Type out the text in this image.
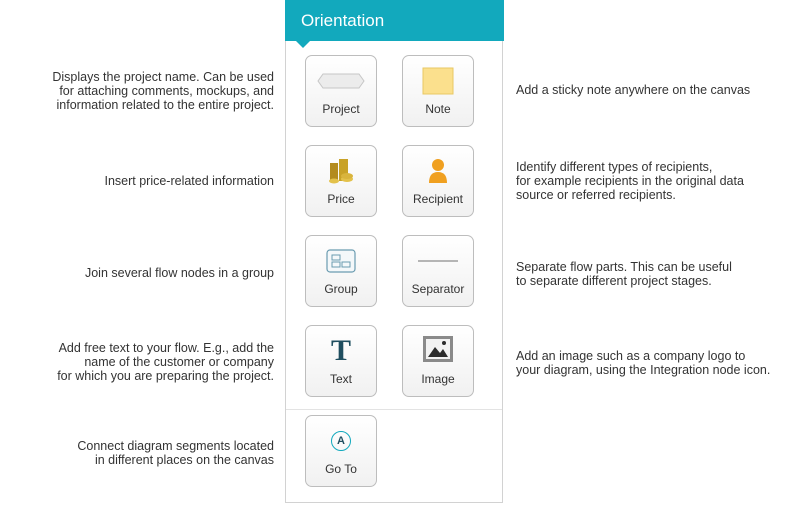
Displays the project name. Can be used
for attaching comments, mockups, and
information related to the entire project.
Insert price-related information
Join several flow nodes in a group
Add free text to your flow. E.g., add the
name of the customer or company
for which you are preparing the project.
Connect diagram segments located
in different places on the canvas
Add a sticky note anywhere on the canvas
Identify different types of recipients,
for example recipients in the original data
source or referred recipients.
Separate flow parts. This can be useful
to separate different project stages.
Add an image such as a company logo to
your diagram, using the Integration node icon.
Orientation
Project	Note
Price	Recipient
Group	Separator
T
Text	Image
A
Go To
